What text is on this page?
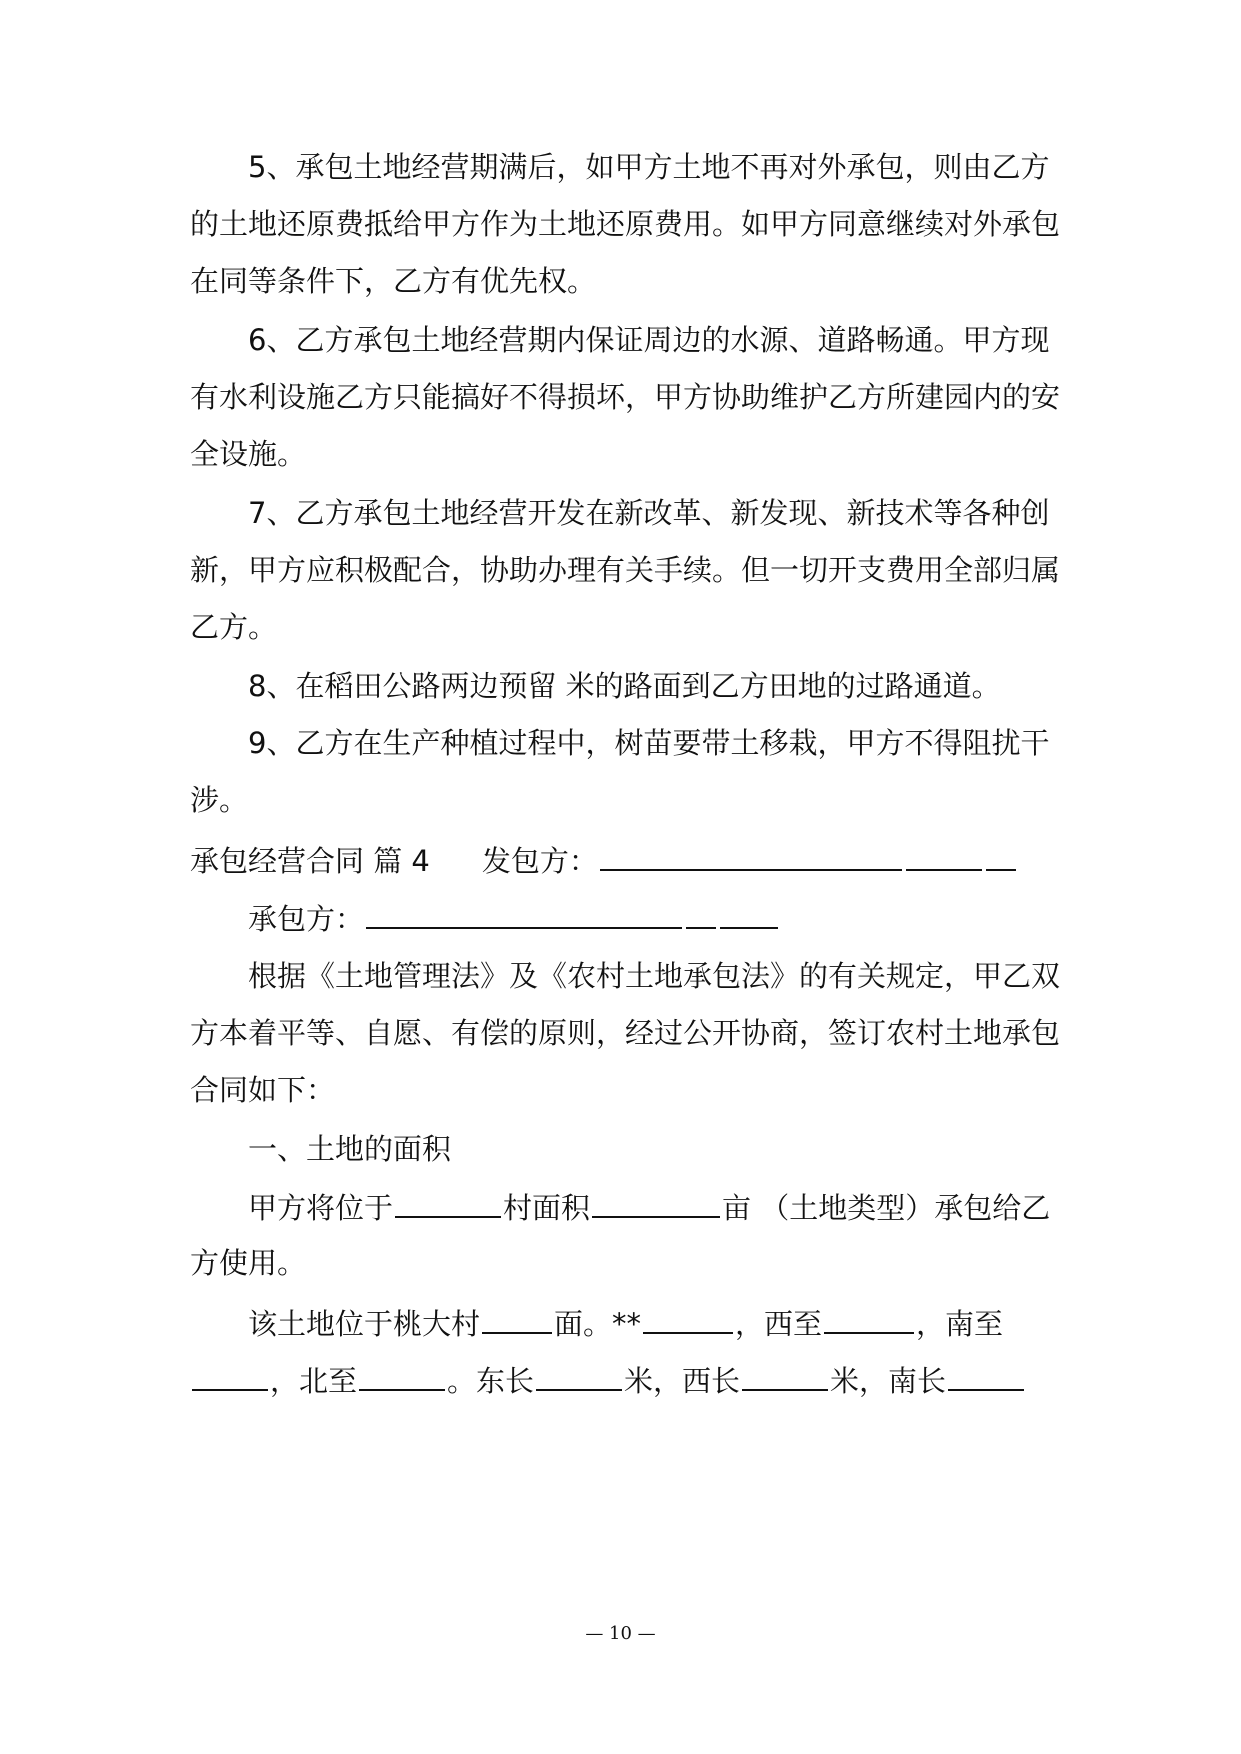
5、承包土地经营期满后，如甲方土地不再对外承包，则由乙方
的土地还原费抵给甲方作为土地还原费用。如甲方同意继续对外承包
在同等条件下，乙方有优先权。
6、乙方承包土地经营期内保证周边的水源、道路畅通。甲方现
有水利设施乙方只能搞好不得损坏，甲方协助维护乙方所建园内的安
全设施。
7、乙方承包土地经营开发在新改革、新发现、新技术等各种创
新，甲方应积极配合，协助办理有关手续。但一切开支费用全部归属
乙方。
8、在稻田公路两边预留 米的路面到乙方田地的过路通道。
9、乙方在生产种植过程中，树苗要带土移栽，甲方不得阻扰干
涉。
承包经营合同 篇 4 发包方：
承包方：
根据《土地管理法》及《农村土地承包法》的有关规定，甲乙双
方本着平等、自愿、有偿的原则，经过公开协商，签订农村土地承包
合同如下：
一、土地的面积
甲方将位于	村面积	亩 （土地类型）承包给乙
方使用。
该土地位于桃大村	面。**	，西至	，南至
，北至	。东长	米，西长	米，南长
— 10 —
